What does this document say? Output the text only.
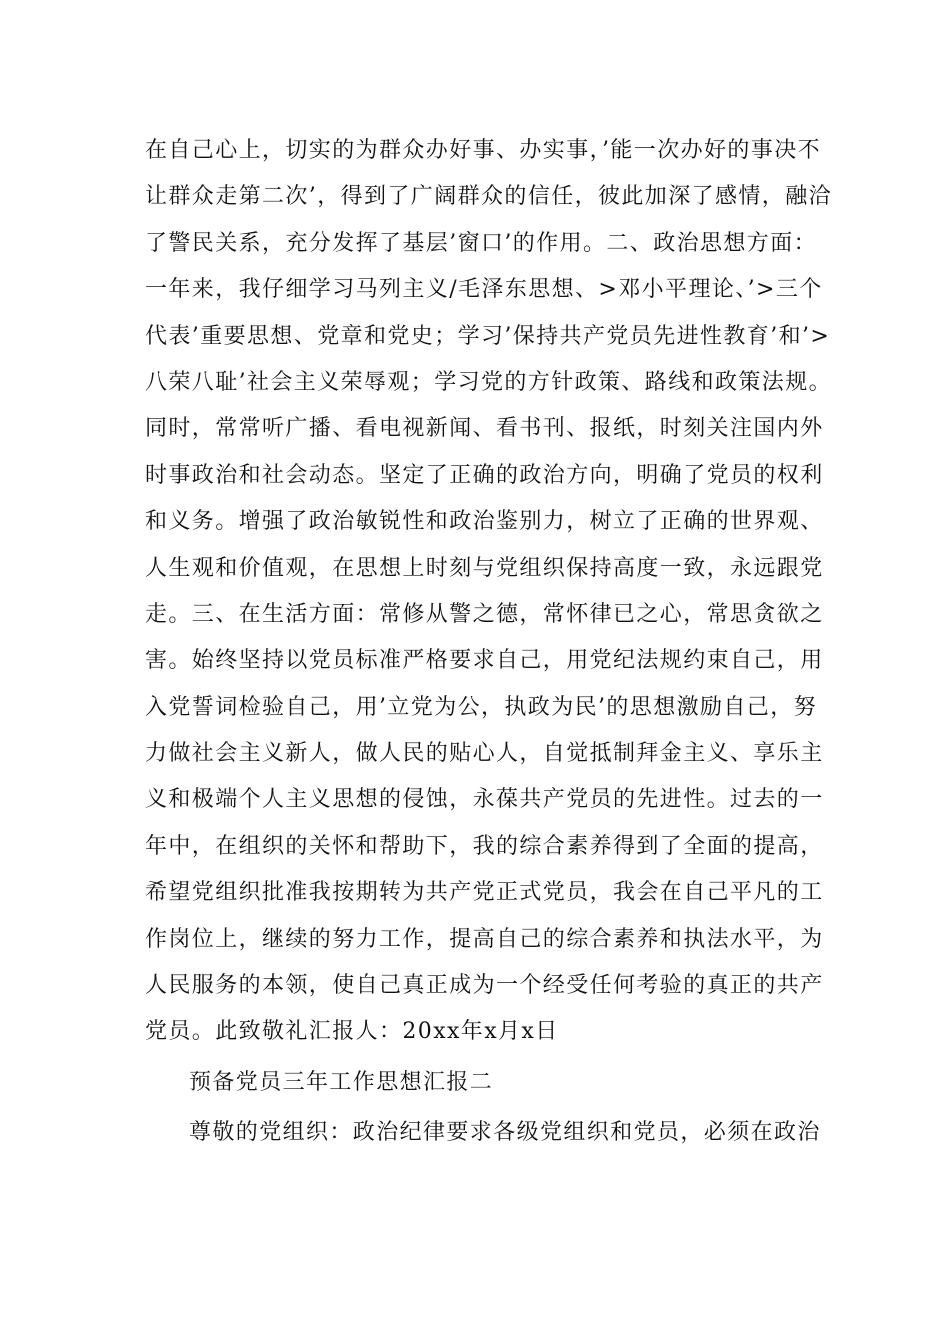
在自己心上，切实的为群众办好事、办实事，’能一次办好的事决不
让群众走第二次’，得到了广阔群众的信任，彼此加深了感情，融洽
了警民关系，充分发挥了基层’窗口’的作用。二、政治思想方面：
一年来，我仔细学习马列主义/毛泽东思想、>邓小平理论、’>三个
代表’重要思想、党章和党史；学习’保持共产党员先进性教育’和’>
八荣八耻’社会主义荣辱观；学习党的方针政策、路线和政策法规。
同时，常常听广播、看电视新闻、看书刊、报纸，时刻关注国内外
时事政治和社会动态。坚定了正确的政治方向，明确了党员的权利
和义务。增强了政治敏锐性和政治鉴别力，树立了正确的世界观、
人生观和价值观，在思想上时刻与党组织保持高度一致，永远跟党
走。三、在生活方面：常修从警之德，常怀律已之心，常思贪欲之
害。始终坚持以党员标准严格要求自己，用党纪法规约束自己，用
入党誓词检验自己，用’立党为公，执政为民’的思想激励自己，努
力做社会主义新人，做人民的贴心人，自觉抵制拜金主义、享乐主
义和极端个人主义思想的侵蚀，永葆共产党员的先进性。过去的一
年中，在组织的关怀和帮助下，我的综合素养得到了全面的提高，
希望党组织批准我按期转为共产党正式党员，我会在自己平凡的工
作岗位上，继续的努力工作，提高自己的综合素养和执法水平，为
人民服务的本领，使自己真正成为一个经受任何考验的真正的共产
党员。此致敬礼汇报人：20xx年x月x日
预备党员三年工作思想汇报二
尊敬的党组织：政治纪律要求各级党组织和党员，必须在政治
